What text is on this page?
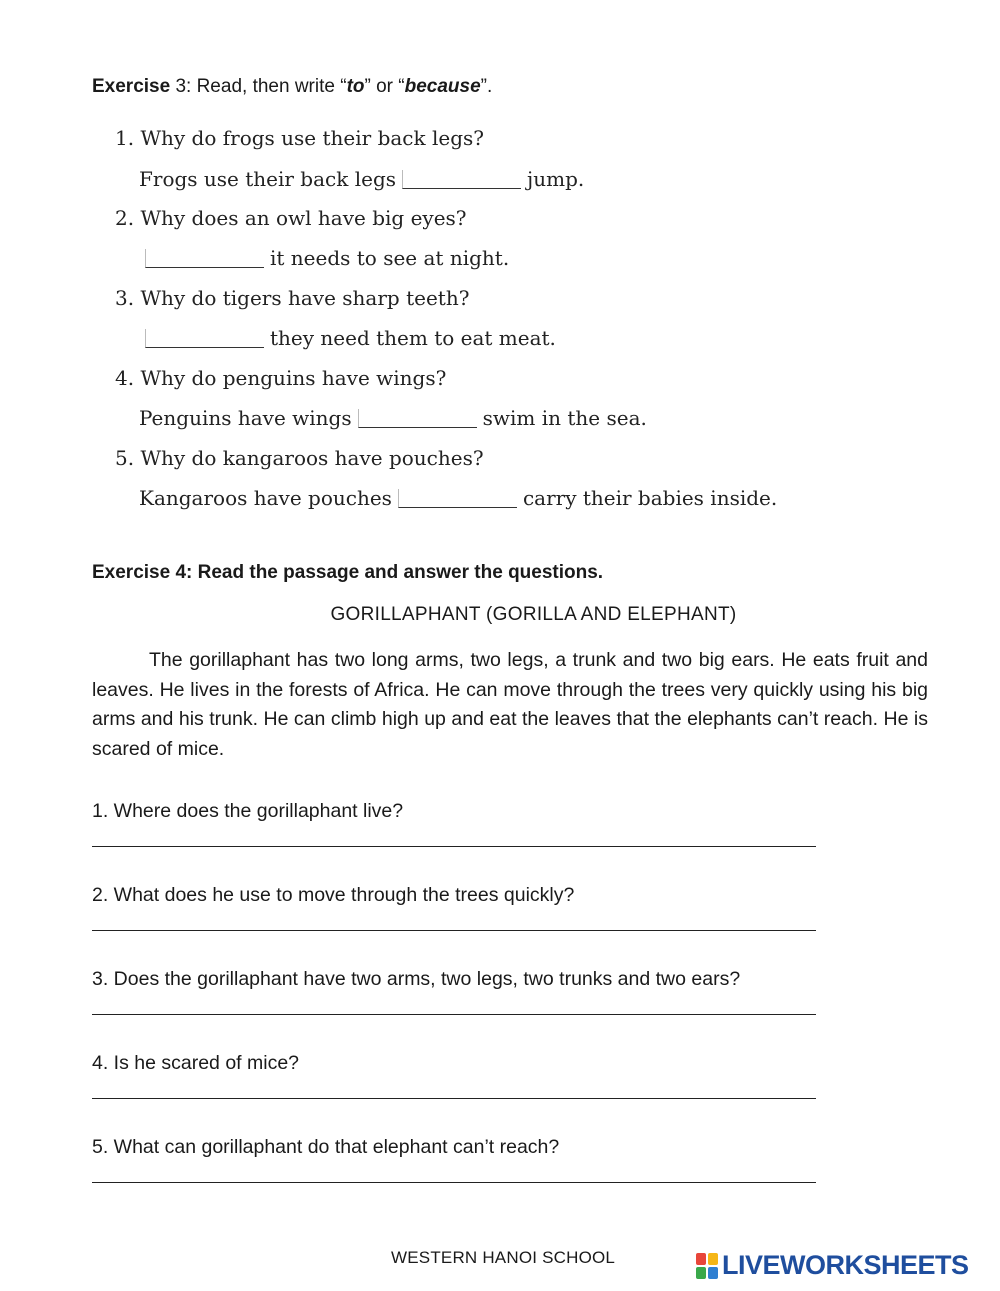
Exercise 3: Read, then write “to” or “because”.
1. Why do frogs use their back legs?
Frogs use their back legs	jump.
2. Why does an owl have big eyes?
it needs to see at night.
3. Why do tigers have sharp teeth?
they need them to eat meat.
4. Why do penguins have wings?
Penguins have wings	swim in the sea.
5. Why do kangaroos have pouches?
Kangaroos have pouches	carry their babies inside.
Exercise 4: Read the passage and answer the questions.
GORILLAPHANT (GORILLA AND ELEPHANT)
The gorillaphant has two long arms, two legs, a trunk and two big ears. He eats fruit and leaves. He lives in the forests of Africa. He can move through the trees very quickly using his big arms and his trunk. He can climb high up and eat the leaves that the elephants can’t reach. He is scared of mice.
1. Where does the gorillaphant live?
2. What does he use to move through the trees quickly?
3. Does the gorillaphant have two arms, two legs, two trunks and two ears?
4. Is he scared of mice?
5. What can gorillaphant do that elephant can’t reach?
WESTERN HANOI SCHOOL	LIVEWORKSHEETS
